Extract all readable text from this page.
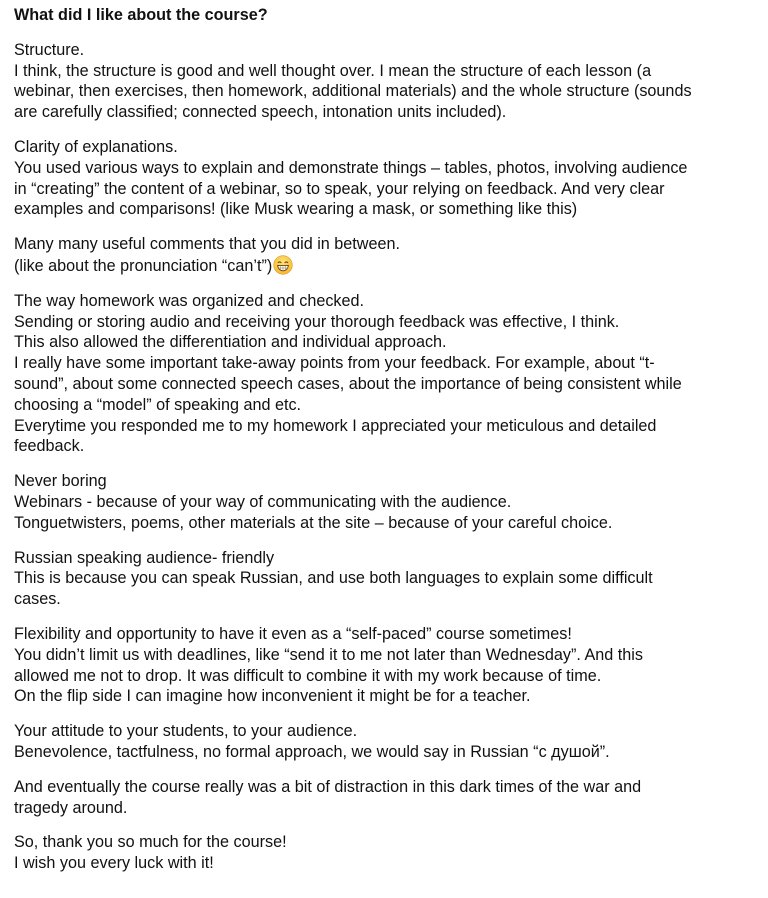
What did I like about the course?
Structure.
I think, the structure is good and well thought over. I mean the structure of each lesson (a
webinar, then exercises, then homework, additional materials) and the whole structure (sounds
are carefully classified; connected speech, intonation units included).
Clarity of explanations.
You used various ways to explain and demonstrate things – tables, photos, involving audience
in “creating” the content of a webinar, so to speak, your relying on feedback. And very clear
examples and comparisons! (like Musk wearing a mask, or something like this)
Many many useful comments that you did in between.
(like about the pronunciation “can’t”)
The way homework was organized and checked.
Sending or storing audio and receiving your thorough feedback was effective, I think.
This also allowed the differentiation and individual approach.
I really have some important take-away points from your feedback. For example, about “t-
sound”, about some connected speech cases, about the importance of being consistent while
choosing a “model” of speaking and etc.
Everytime you responded me to my homework I appreciated your meticulous and detailed
feedback.
Never boring
Webinars - because of your way of communicating with the audience.
Tonguetwisters, poems, other materials at the site – because of your careful choice.
Russian speaking audience- friendly
This is because you can speak Russian, and use both languages to explain some difficult
cases.
Flexibility and opportunity to have it even as a “self-paced” course sometimes!
You didn’t limit us with deadlines, like “send it to me not later than Wednesday”. And this
allowed me not to drop. It was difficult to combine it with my work because of time.
On the flip side I can imagine how inconvenient it might be for a teacher.
Your attitude to your students, to your audience.
Benevolence, tactfulness, no formal approach, we would say in Russian “с душой”.
And eventually the course really was a bit of distraction in this dark times of the war and
tragedy around.
So, thank you so much for the course!
I wish you every luck with it!
